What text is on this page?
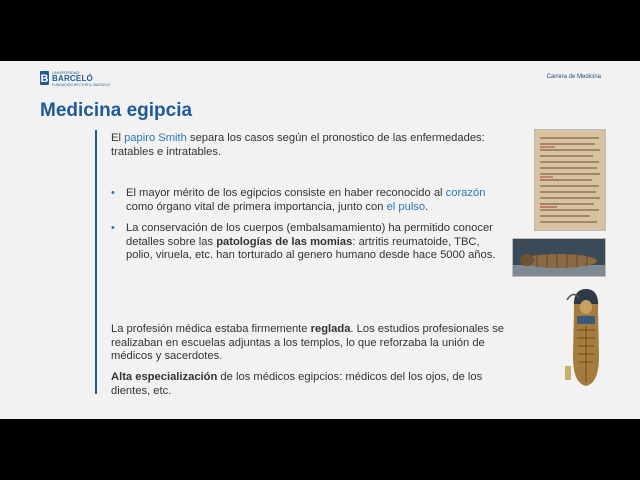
B
UNIVERSIDAD
BARCELÓ
FUNDACIÓN HÉCTOR A. BARCELÓ
Carrera de Medicina
Medicina egipcia
El papiro Smith separa los casos según el pronostico de las enfermedades: tratables e intratables.
• El mayor mérito de los egipcios consiste en haber reconocido al corazón como órgano vital de primera importancia, junto con el pulso.
• La conservación de los cuerpos (embalsamamiento) ha permitido conocer detalles sobre las patologías de las momias: artritis reumatoide, TBC, polio, viruela, etc. han torturado al genero humano desde hace 5000 años.
La profesión médica estaba firmemente reglada. Los estudios profesionales se realizaban en escuelas adjuntas a los templos, lo que reforzaba la unión de médicos y sacerdotes.
Alta especialización de los médicos egipcios: médicos del los ojos, de los dientes, etc.
